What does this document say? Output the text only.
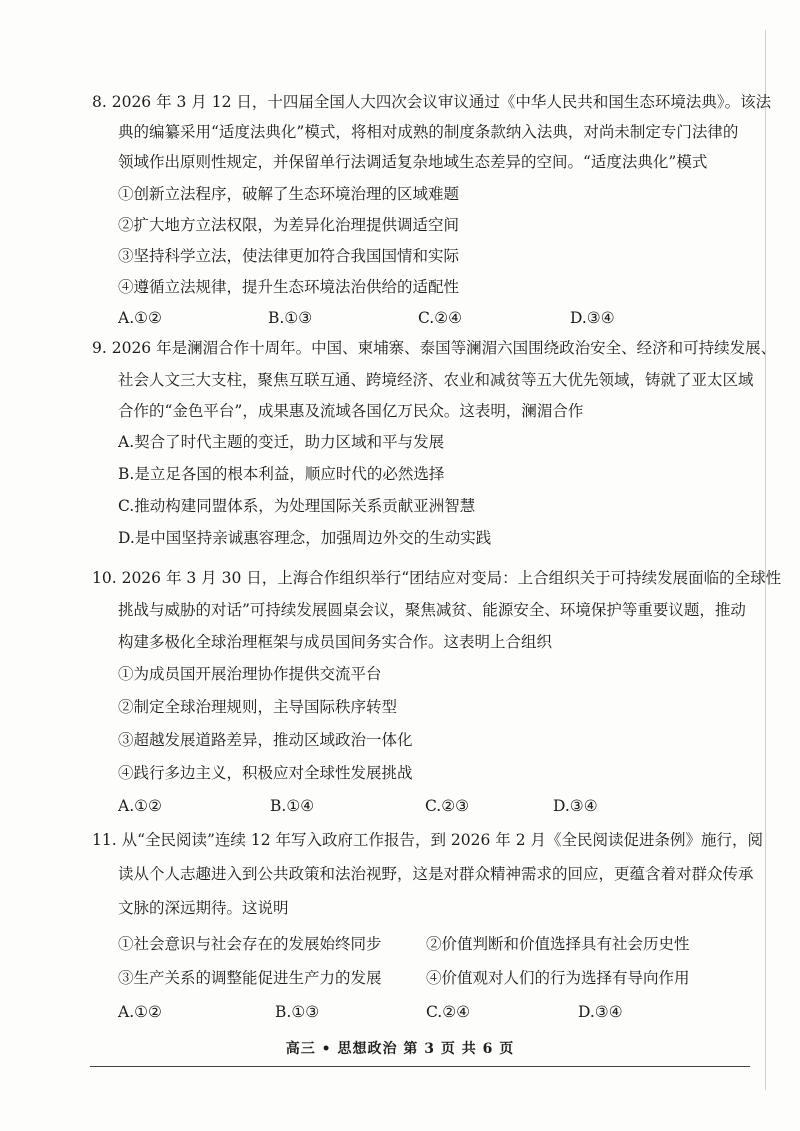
8. 2026 年 3 月 12 日，十四届全国人大四次会议审议通过《中华人民共和国生态环境法典》。该法
典的编纂采用“适度法典化”模式，将相对成熟的制度条款纳入法典，对尚未制定专门法律的
领域作出原则性规定，并保留单行法调适复杂地域生态差异的空间。“适度法典化”模式
①创新立法程序，破解了生态环境治理的区域难题
②扩大地方立法权限，为差异化治理提供调适空间
③坚持科学立法，使法律更加符合我国国情和实际
④遵循立法规律，提升生态环境法治供给的适配性
A.①②	B.①③	C.②④	D.③④
9. 2026 年是澜湄合作十周年。中国、柬埔寨、泰国等澜湄六国围绕政治安全、经济和可持续发展、
社会人文三大支柱，聚焦互联互通、跨境经济、农业和减贫等五大优先领域，铸就了亚太区域
合作的“金色平台”，成果惠及流域各国亿万民众。这表明，澜湄合作
A.契合了时代主题的变迁，助力区域和平与发展
B.是立足各国的根本利益，顺应时代的必然选择
C.推动构建同盟体系，为处理国际关系贡献亚洲智慧
D.是中国坚持亲诚惠容理念，加强周边外交的生动实践
10. 2026 年 3 月 30 日，上海合作组织举行“团结应对变局：上合组织关于可持续发展面临的全球性
挑战与威胁的对话”可持续发展圆桌会议，聚焦减贫、能源安全、环境保护等重要议题，推动
构建多极化全球治理框架与成员国间务实合作。这表明上合组织
①为成员国开展治理协作提供交流平台
②制定全球治理规则，主导国际秩序转型
③超越发展道路差异，推动区域政治一体化
④践行多边主义，积极应对全球性发展挑战
A.①②	B.①④	C.②③	D.③④
11. 从“全民阅读”连续 12 年写入政府工作报告，到 2026 年 2 月《全民阅读促进条例》施行，阅
读从个人志趣进入到公共政策和法治视野，这是对群众精神需求的回应，更蕴含着对群众传承
文脉的深远期待。这说明
①社会意识与社会存在的发展始终同步	②价值判断和价值选择具有社会历史性
③生产关系的调整能促进生产力的发展	④价值观对人们的行为选择有导向作用
A.①②	B.①③	C.②④	D.③④
高三 • 思想政治 第 3 页 共 6 页
